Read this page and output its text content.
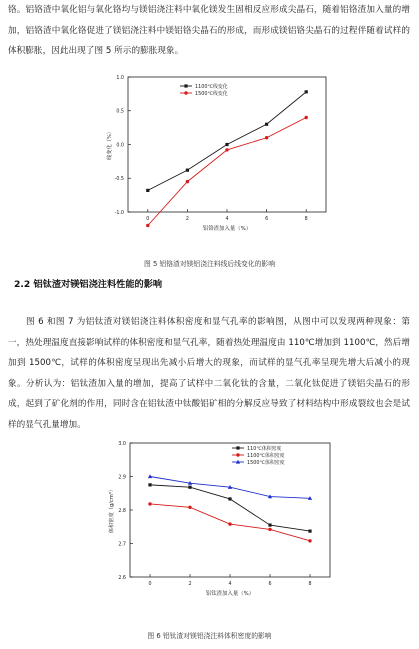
铬。铝铬渣中氧化铝与氧化铬均与镁铝浇注料中氧化镁发生固相反应形成尖晶石，随着铝铬渣加入量的增加，铝铬渣中氧化铬促进了镁铝浇注料中镁铝铬尖晶石的形成，而形成镁铝铬尖晶石的过程伴随着试样的体积膨胀，因此出现了图 5 所示的膨胀现象。
1.0
0.5
0.0
-0.5
-1.0
0	2	4	6	8
铝铬渣加入量（%）
线变化（%）
1100℃线变化
1500℃线变化
图 5 铝铬渣对镁铝浇注料线后线变化的影响
2.2 铝钛渣对镁铝浇注料性能的影响
图 6 和图 7 为铝钛渣对镁铝浇注料体积密度和显气孔率的影响图，从图中可以发现两种现象：第一，热处理温度直接影响试样的体积密度和显气孔率，随着热处理温度由 110℃增加到 1100℃，然后增加到 1500℃，试样的体积密度呈现出先减小后增大的现象，而试样的显气孔率呈现先增大后减小的现象。分析认为：铝钛渣加入量的增加，提高了试样中二氧化钛的含量，二氧化钛促进了镁铝尖晶石的形成，起到了矿化剂的作用，同时含在铝钛渣中钛酸铝矿相的分解反应导致了材料结构中形成裂纹也会是试样的显气孔量增加。
3.0
2.9
2.8
2.7
2.6
0	2	4	6	8
铝钛渣加入量（%）
体积密度（g/cm³）
110℃体积密度
1100℃体积密度
1500℃体积密度
图 6 铝钛渣对镁铝浇注料体积密度的影响
